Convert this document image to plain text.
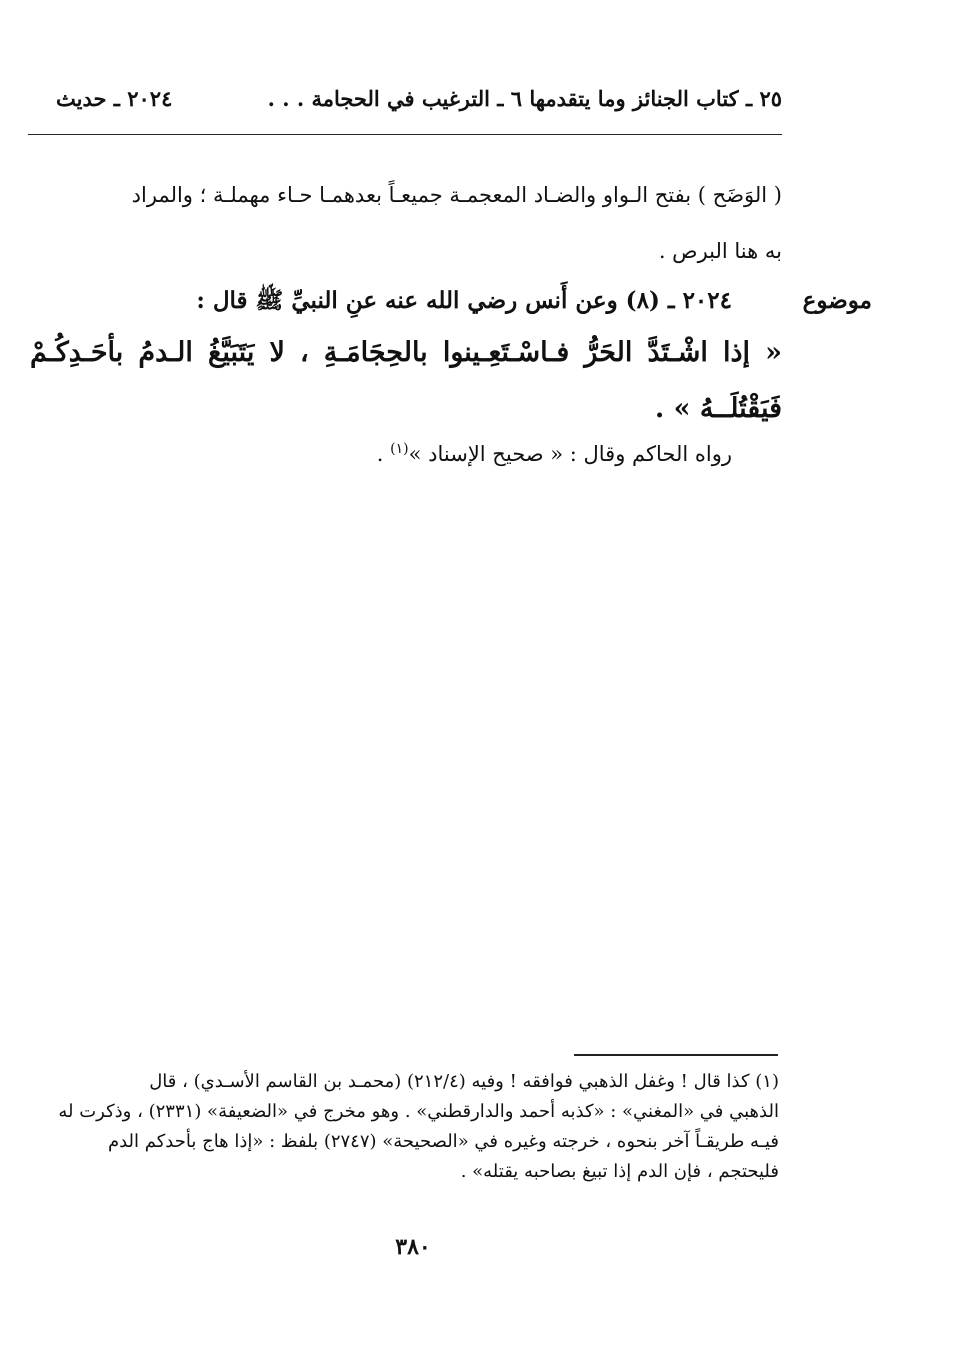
٢٥ ـ كتاب الجنائز وما يتقدمها ٦ ـ الترغيب في الحجامة . . .
٢٠٢٤ ـ حديث
( الوَضَح ) بفتح الـواو والضـاد المعجمـة جميعـاً بعدهمـا حـاء مهملـة ؛ والمراد
به هنا البرص .
موضوع
٢٠٢٤ ـ (٨) وعن أَنس رضي الله عنه عنِ النبيِّ ﷺ قال :
« إذا اشْـتَدَّ الحَرُّ فـاسْـتَعِـينوا بالحِجَامَـةِ ، لا يَتَبَيَّغُ الـدمُ بأحَـدِكُـمْ فَيَقْتُلَــهُ » .
رواه الحاكم وقال : « صحيح الإسناد »$^{(١)}$ .
(١) كذا قال ! وغفل الذهبي فوافقه ! وفيه (٢١٢/٤) (محمـد بن القاسم الأسـدي) ، قال
الذهبي في «المغني» : «كذبه أحمد والدارقطني» . وهو مخرج في «الضعيفة» (٢٣٣١) ، وذكرت له
فيـه طريقـاً آخر بنحوه ، خرجته وغيره في «الصحيحة» (٢٧٤٧) بلفظ : «إذا هاج بأحدكم الدم
فليحتجم ، فإن الدم إذا تبيغ بصاحبه يقتله» .
٣٨٠
